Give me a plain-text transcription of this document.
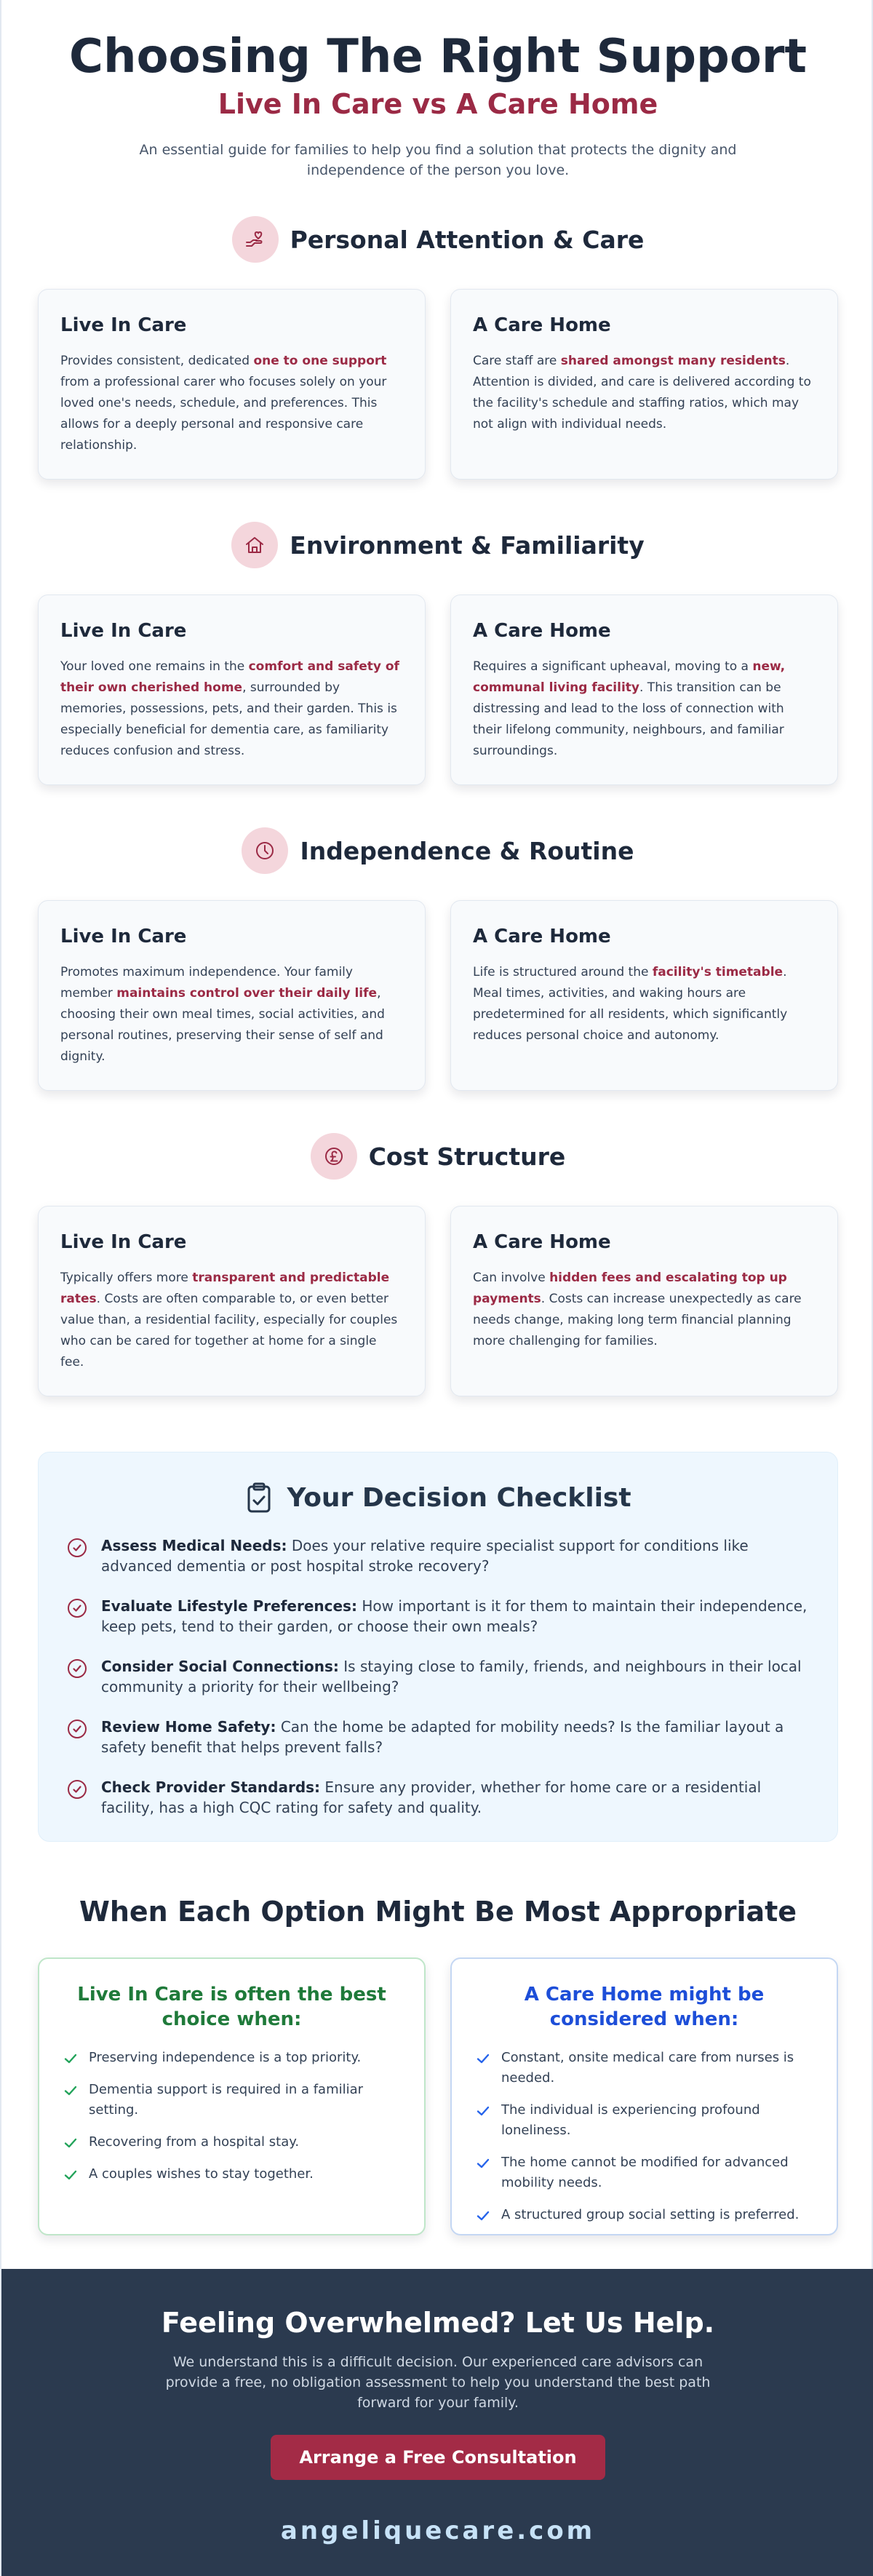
Choosing The Right Support
Live In Care vs A Care Home

An essential guide for families to help you find a solution that protects the dignity and independence of the person you love.

Personal Attention & Care
Live In Care

Provides consistent, dedicated one to one support from a professional carer who focuses solely on your loved one's needs, schedule, and preferences. This allows for a deeply personal and responsive care relationship.

A Care Home

Care staff are shared amongst many residents. Attention is divided, and care is delivered according to the facility's schedule and staffing ratios, which may not align with individual needs.

Environment & Familiarity
Live In Care

Your loved one remains in the comfort and safety of their own cherished home, surrounded by memories, possessions, pets, and their garden. This is especially beneficial for dementia care, as familiarity reduces confusion and stress.

A Care Home

Requires a significant upheaval, moving to a new, communal living facility. This transition can be distressing and lead to the loss of connection with their lifelong community, neighbours, and familiar surroundings.

Independence & Routine
Live In Care

Promotes maximum independence. Your family member maintains control over their daily life, choosing their own meal times, social activities, and personal routines, preserving their sense of self and dignity.

A Care Home

Life is structured around the facility's timetable. Meal times, activities, and waking hours are predetermined for all residents, which significantly reduces personal choice and autonomy.

Cost Structure
Live In Care

Typically offers more transparent and predictable rates. Costs are often comparable to, or even better value than, a residential facility, especially for couples who can be cared for together at home for a single fee.

A Care Home

Can involve hidden fees and escalating top up payments. Costs can increase unexpectedly as care needs change, making long term financial planning more challenging for families.

Your Decision Checklist

Assess Medical Needs: Does your relative require specialist support for conditions like advanced dementia or post hospital stroke recovery?

Evaluate Lifestyle Preferences: How important is it for them to maintain their independence, keep pets, tend to their garden, or choose their own meals?

Consider Social Connections: Is staying close to family, friends, and neighbours in their local community a priority for their wellbeing?

Review Home Safety: Can the home be adapted for mobility needs? Is the familiar layout a safety benefit that helps prevent falls?

Check Provider Standards: Ensure any provider, whether for home care or a residential facility, has a high CQC rating for safety and quality.

When Each Option Might Be Most Appropriate
Live In Care is often the best choice when:
Preserving independence is a top priority.
Dementia support is required in a familiar setting.
Recovering from a hospital stay.
A couples wishes to stay together.
A Care Home might be considered when:
Constant, onsite medical care from nurses is needed.
The individual is experiencing profound loneliness.
The home cannot be modified for advanced mobility needs.
A structured group social setting is preferred.
Feeling Overwhelmed? Let Us Help.

We understand this is a difficult decision. Our experienced care advisors can provide a free, no obligation assessment to help you understand the best path forward for your family.

Arrange a Free Consultation
angeliquecare.com
